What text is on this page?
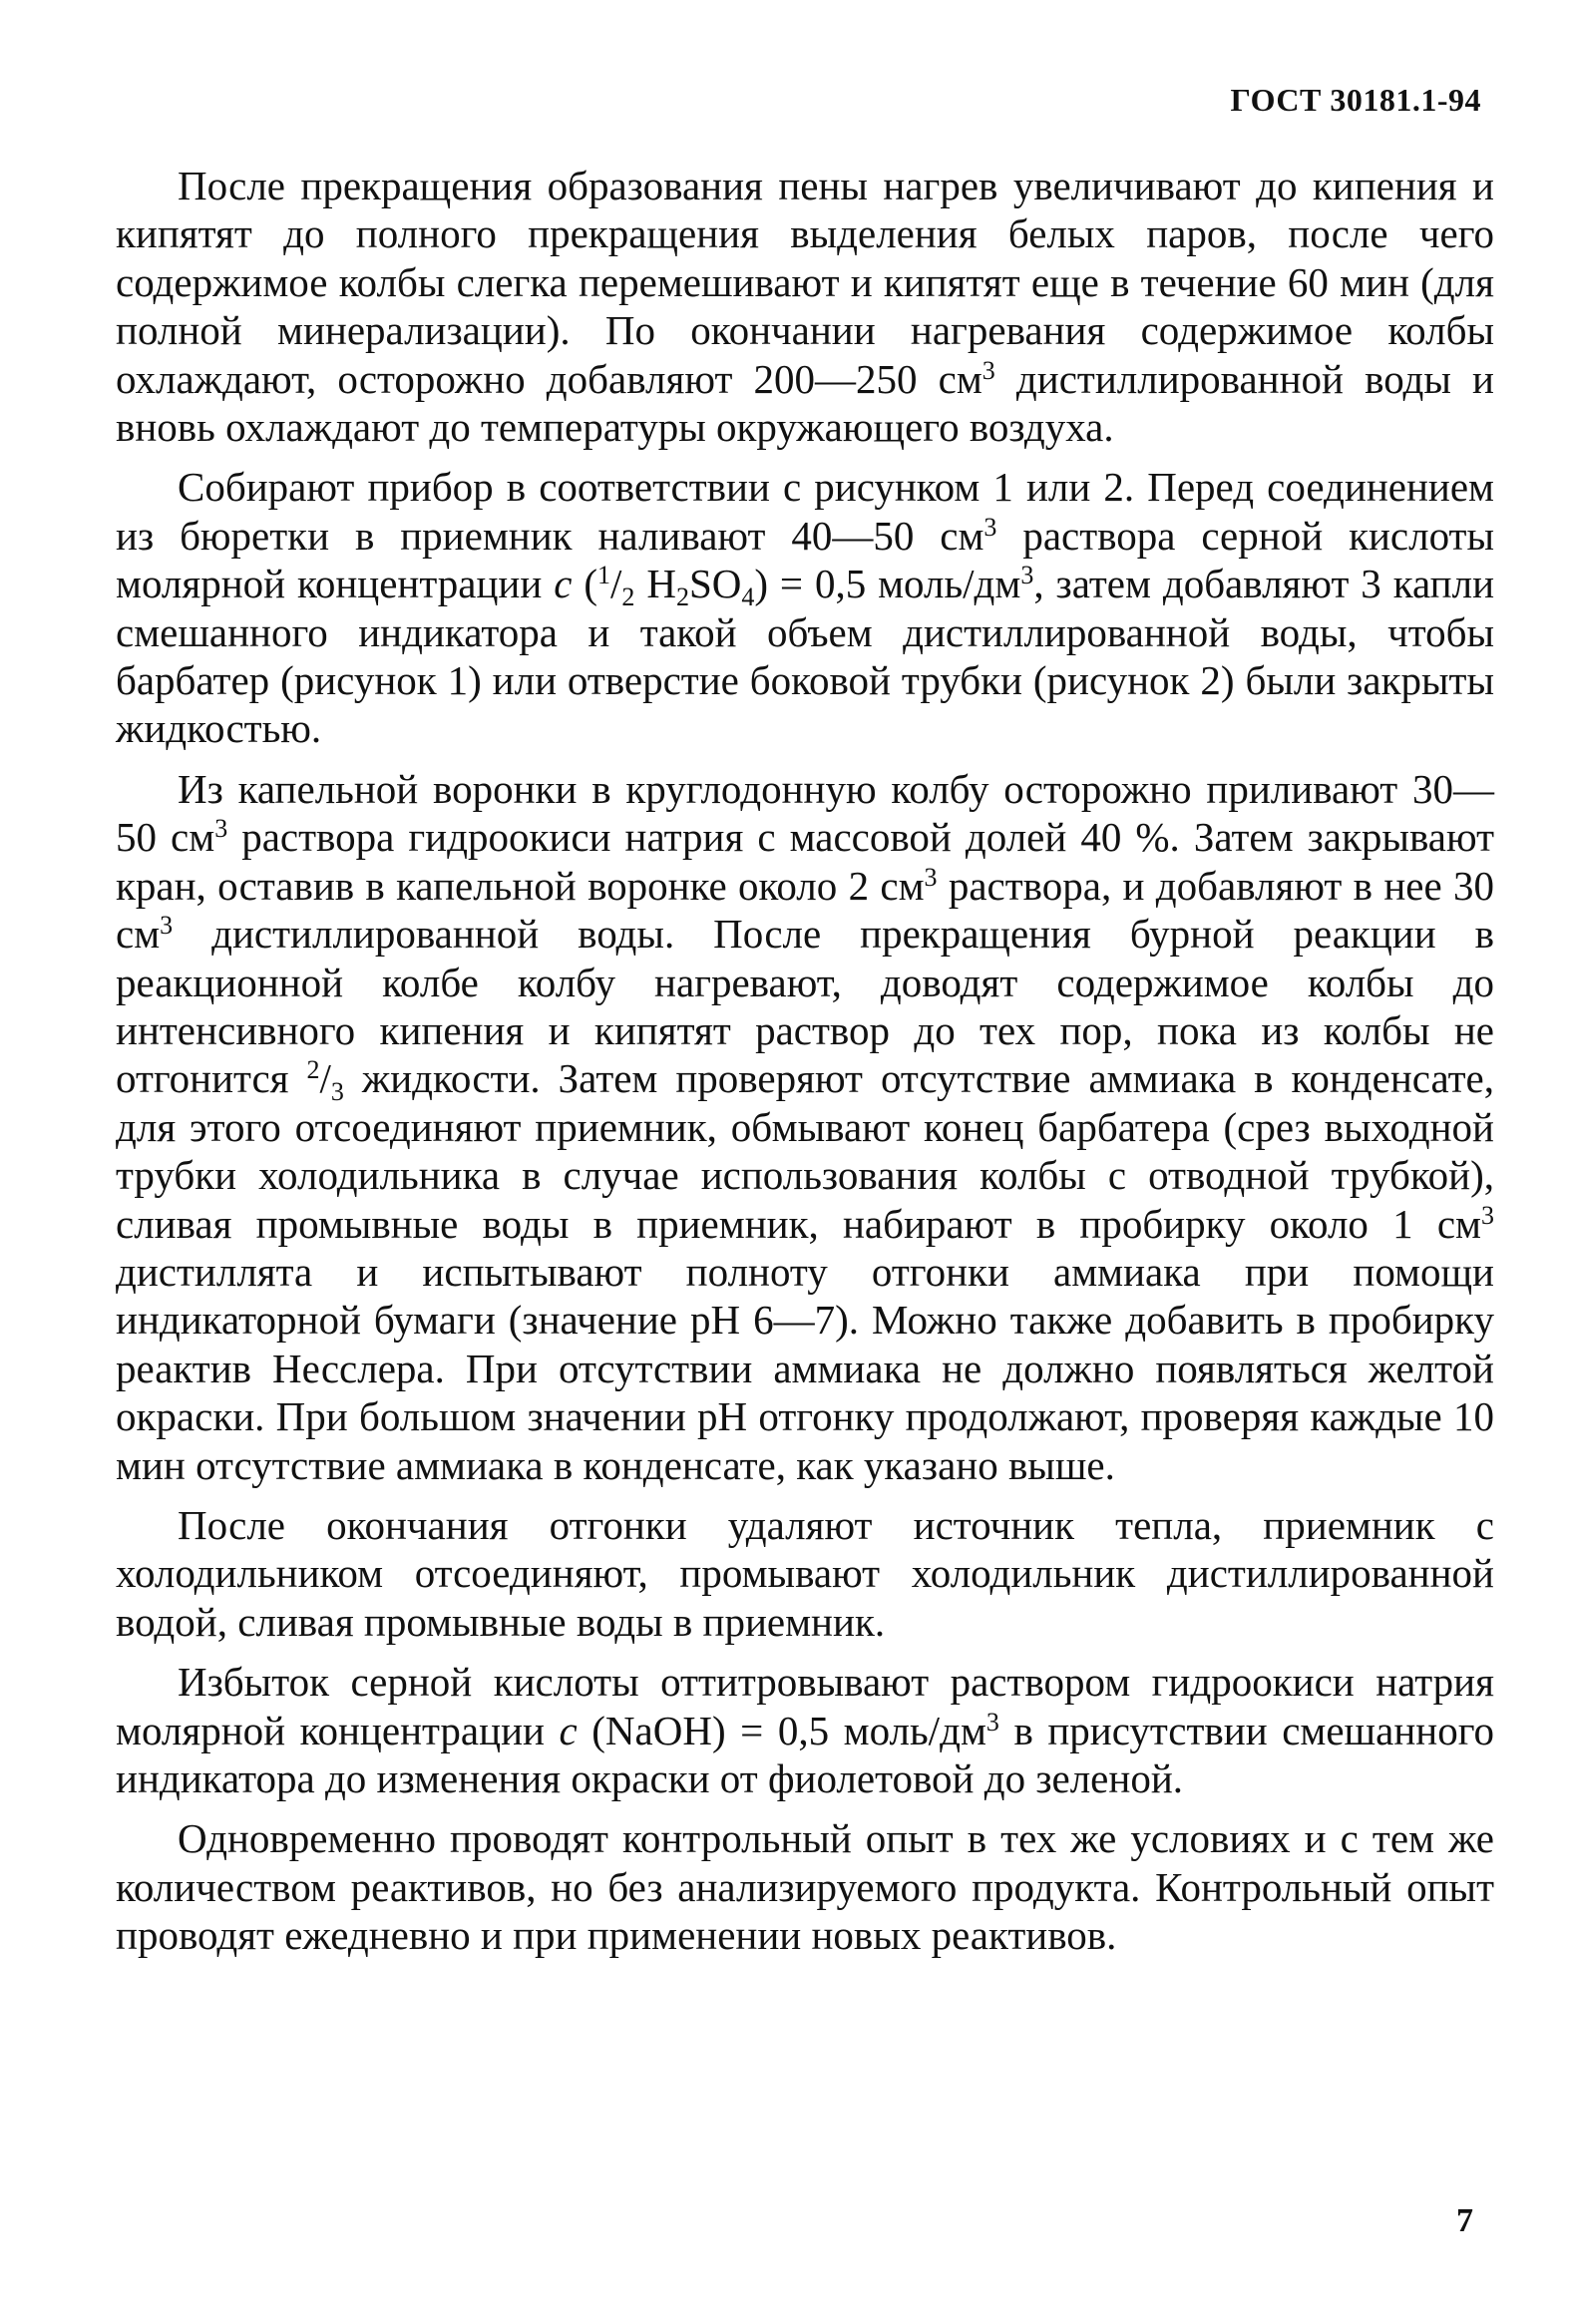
ГОСТ 30181.1-94

После прекращения образования пены нагрев увеличивают до кипения и кипятят до полного прекращения выделения белых паров, после чего содержимое колбы слегка перемешивают и кипятят еще в течение 60 мин (для полной минерализации). По окончании нагревания содержимое колбы охлаждают, осторожно добавляют 200—250 $см^3$ дистиллированной воды и вновь охлаждают до температуры окружающего воздуха.

Собирают прибор в соответствии с рисунком 1 или 2. Перед соединением из бюретки в приемник наливают 40—50 $см^3$ раствора серной кислоты молярной концентрации c ($^1/_2$ $H_2SO_4) = 0,5$ моль/$дм^3$, затем добавляют 3 капли смешанного индикатора и такой объем дистиллированной воды, чтобы барбатер (рисунок 1) или отверстие боковой трубки (рисунок 2) были закрыты жидкостью.

Из капельной воронки в круглодонную колбу осторожно приливают 30—50 $см^3$ раствора гидроокиси натрия с массовой долей 40 %. Затем закрывают кран, оставив в капельной воронке около 2 $см^3$ раствора, и добавляют в нее 30 $см^3$ дистиллированной воды. После прекращения бурной реакции в реакционной колбе колбу нагревают, доводят содержимое колбы до интенсивного кипения и кипятят раствор до тех пор, пока из колбы не отгонится $^2/_3$ жидкости. Затем проверяют отсутствие аммиака в конденсате, для этого отсоединяют приемник, обмывают конец барбатера (срез выходной трубки холодильника в случае использования колбы с отводной трубкой), сливая промывные воды в приемник, набирают в пробирку около 1 $см^3$ дистиллята и испытывают полноту отгонки аммиака при помощи индикаторной бумаги (значение pH 6—7). Можно также добавить в пробирку реактив Несслера. При отсутствии аммиака не должно появляться желтой окраски. При большом значении pH отгонку продолжают, проверяя каждые 10 мин отсутствие аммиака в конденсате, как указано выше.

После окончания отгонки удаляют источник тепла, приемник с холодильником отсоединяют, промывают холодильник дистиллированной водой, сливая промывные воды в приемник.

Избыток серной кислоты оттитровывают раствором гидроокиси натрия молярной концентрации c (NaOH) = 0,5 моль/$дм^3$ в присутствии смешанного индикатора до изменения окраски от фиолетовой до зеленой.

Одновременно проводят контрольный опыт в тех же условиях и с тем же количеством реактивов, но без анализируемого продукта. Контрольный опыт проводят ежедневно и при применении новых реактивов.

7
